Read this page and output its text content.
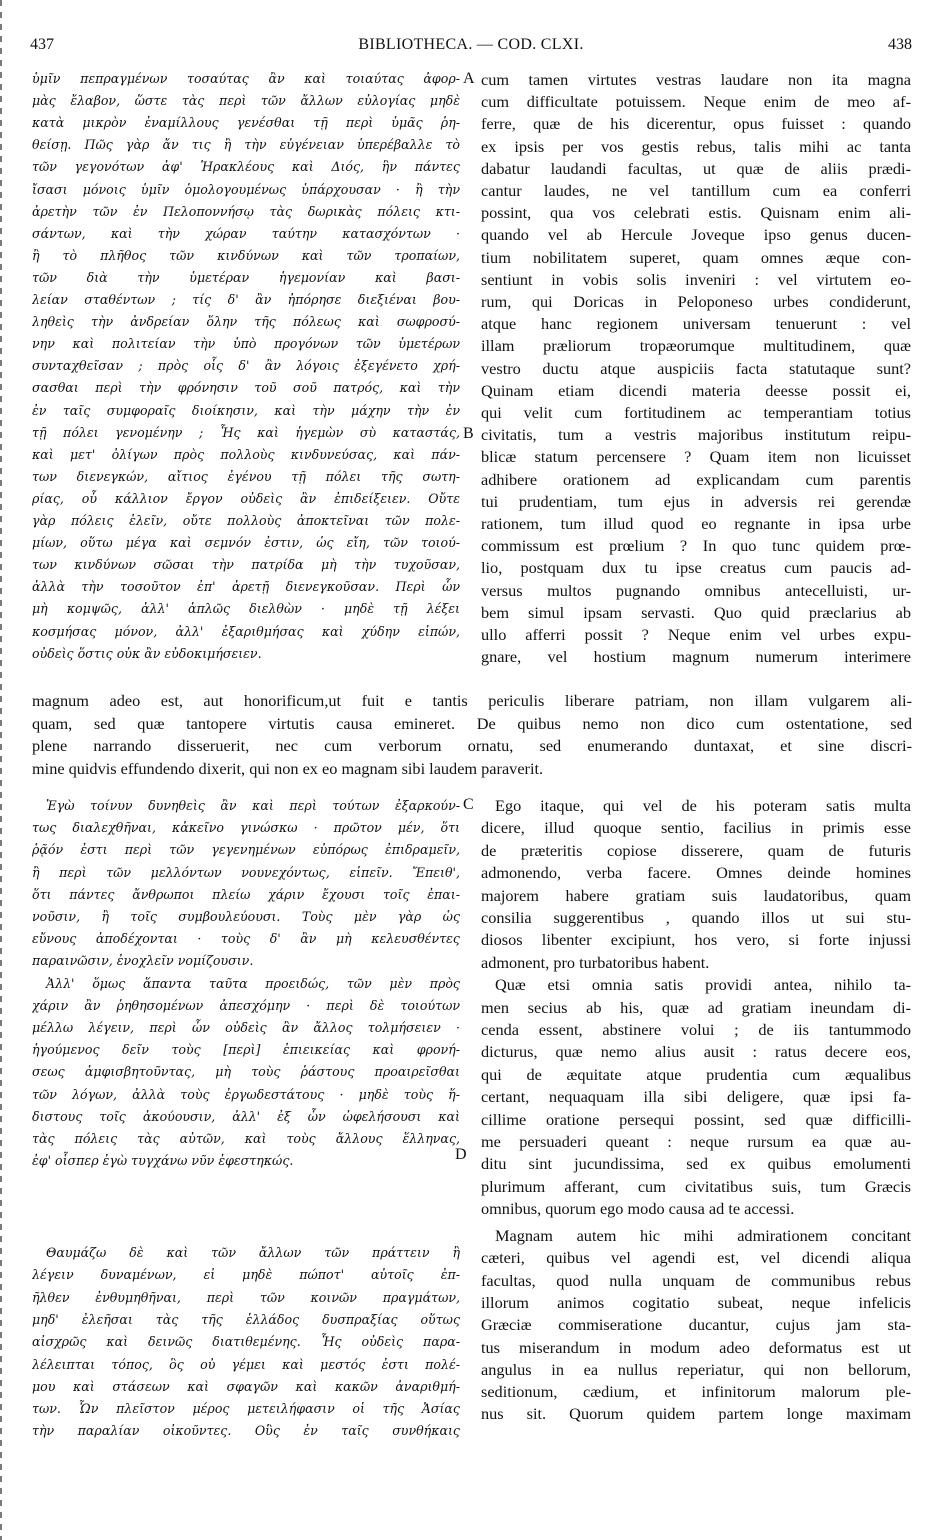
437	BIBLIOTHECA. — COD. CLXI.	438
A
B
C
D
ὑμῖν πεπραγμένων τοσαύτας ἂν καὶ τοιαύτας ἀφορ-
μὰς ἔλαβον, ὥστε τὰς περὶ τῶν ἄλλων εὐλογίας μηδὲ
κατὰ μικρὸν ἐναμίλλους γενέσθαι τῇ περὶ ὑμᾶς ῥη-
θείσῃ. Πῶς γὰρ ἄν τις ἢ τὴν εὐγένειαν ὑπερέβαλλε τὸ
τῶν γεγονότων ἀφ' Ἡρακλέους καὶ Διός, ἣν πάντες
ἴσασι μόνοις ὑμῖν ὁμολογουμένως ὑπάρχουσαν · ἢ τὴν
ἀρετὴν τῶν ἐν Πελοποννήσῳ τὰς δωρικὰς πόλεις κτι-
σάντων, καὶ τὴν χώραν ταύτην κατασχόντων ·
ἢ τὸ πλῆθος τῶν κινδύνων καὶ τῶν τροπαίων,
τῶν διὰ τὴν ὑμετέραν ἡγεμονίαν καὶ βασι-
λείαν σταθέντων ; τίς δ' ἂν ἠπόρησε διεξιέναι βου-
ληθεὶς τὴν ἀνδρείαν ὅλην τῆς πόλεως καὶ σωφροσύ-
νην καὶ πολιτείαν τὴν ὑπὸ προγόνων τῶν ὑμετέρων
συνταχθεῖσαν ; πρὸς οἷς δ' ἂν λόγοις ἐξεγένετο χρή-
σασθαι περὶ τὴν φρόνησιν τοῦ σοῦ πατρός, καὶ τὴν
ἐν ταῖς συμφοραῖς διοίκησιν, καὶ τὴν μάχην τὴν ἐν
τῇ πόλει γενομένην ; Ἧς καὶ ἡγεμὼν σὺ καταστάς,
καὶ μετ' ὀλίγων πρὸς πολλοὺς κινδυνεύσας, καὶ πάν-
των διενεγκών, αἴτιος ἐγένου τῇ πόλει τῆς σωτη-
ρίας, οὗ κάλλιον ἔργον οὐδεὶς ἂν ἐπιδείξειεν. Οὔτε
γὰρ πόλεις ἑλεῖν, οὔτε πολλοὺς ἀποκτεῖναι τῶν πολε-
μίων, οὕτω μέγα καὶ σεμνόν ἐστιν, ὡς εἴη, τῶν τοιού-
των κινδύνων σῶσαι τὴν πατρίδα μὴ τὴν τυχοῦσαν,
ἀλλὰ τὴν τοσοῦτον ἐπ' ἀρετῇ διενεγκοῦσαν. Περὶ ὧν
μὴ κομψῶς, ἀλλ' ἁπλῶς διελθὼν · μηδὲ τῇ λέξει
κοσμήσας μόνον, ἀλλ' ἐξαριθμήσας καὶ χύδην εἰπών,
οὐδεὶς ὅστις οὐκ ἂν εὐδοκιμήσειεν.
cum tamen virtutes vestras laudare non ita magna
cum difficultate potuissem. Neque enim de meo af-
ferre, quæ de his dicerentur, opus fuisset : quando
ex ipsis per vos gestis rebus, talis mihi ac tanta
dabatur laudandi facultas, ut quæ de aliis prædi-
cantur laudes, ne vel tantillum cum ea conferri
possint, qua vos celebrati estis. Quisnam enim ali-
quando vel ab Hercule Joveque ipso genus ducen-
tium nobilitatem superet, quam omnes æque con-
sentiunt in vobis solis inveniri : vel virtutem eo-
rum, qui Doricas in Peloponeso urbes condiderunt,
atque hanc regionem universam tenuerunt : vel
illam præliorum tropæorumque multitudinem, quæ
vestro ductu atque auspiciis facta statutaque sunt?
Quinam etiam dicendi materia deesse possit ei,
qui velit cum fortitudinem ac temperantiam totius
civitatis, tum a vestris majoribus institutum reipu-
blicæ statum percensere ? Quam item non licuisset
adhibere orationem ad explicandam cum parentis
tui prudentiam, tum ejus in adversis rei gerendæ
rationem, tum illud quod eo regnante in ipsa urbe
commissum est prœlium ? In quo tunc quidem prœ-
lio, postquam dux tu ipse creatus cum paucis ad-
versus multos pugnando omnibus antecelluisti, ur-
bem simul ipsam servasti. Quo quid præclarius ab
ullo afferri possit ? Neque enim vel urbes expu-
gnare, vel hostium magnum numerum interimere
magnum adeo est, aut honorificum,ut fuit e tantis periculis liberare patriam, non illam vulgarem ali-
quam, sed quæ tantopere virtutis causa emineret. De quibus nemo non dico cum ostentatione, sed
plene narrando disseruerit, nec cum verborum ornatu, sed enumerando duntaxat, et sine discri-
mine quidvis effundendo dixerit, qui non ex eo magnam sibi laudem paraverit.
Ἐγὼ τοίνυν δυνηθεὶς ἂν καὶ περὶ τούτων ἐξαρκούν-
τως διαλεχθῆναι, κἀκεῖνο γινώσκω · πρῶτον μέν, ὅτι
ῥᾷόν ἐστι περὶ τῶν γεγενημένων εὐπόρως ἐπιδραμεῖν,
ἢ περὶ τῶν μελλόντων νουνεχόντως, εἰπεῖν. Ἔπειθ',
ὅτι πάντες ἄνθρωποι πλείω χάριν ἔχουσι τοῖς ἐπαι-
νοῦσιν, ἢ τοῖς συμβουλεύουσι. Τοὺς μὲν γὰρ ὡς
εὔνους ἀποδέχονται · τοὺς δ' ἂν μὴ κελευσθέντες
παραινῶσιν, ἐνοχλεῖν νομίζουσιν.
Ἀλλ' ὅμως ἅπαντα ταῦτα προειδώς, τῶν μὲν πρὸς
χάριν ἂν ῥηθησομένων ἀπεσχόμην · περὶ δὲ τοιούτων
μέλλω λέγειν, περὶ ὧν οὐδεὶς ἂν ἄλλος τολμήσειεν ·
ἡγούμενος δεῖν τοὺς [περὶ] ἐπιεικείας καὶ φρονή-
σεως ἀμφισβητοῦντας, μὴ τοὺς ῥάστους προαιρεῖσθαι
τῶν λόγων, ἀλλὰ τοὺς ἐργωδεστάτους · μηδὲ τοὺς ἥ-
διστους τοῖς ἀκούουσιν, ἀλλ' ἐξ ὧν ὠφελήσουσι καὶ
τὰς πόλεις τὰς αὐτῶν, καὶ τοὺς ἄλλους ἕλληνας,
ἐφ' οἷσπερ ἐγὼ τυγχάνω νῦν ἐφεστηκώς.
Ego itaque, qui vel de his poteram satis multa
dicere, illud quoque sentio, facilius in primis esse
de præteritis copiose disserere, quam de futuris
admonendo, verba facere. Omnes deinde homines
majorem habere gratiam suis laudatoribus, quam
consilia suggerentibus , quando illos ut sui stu-
diosos libenter excipiunt, hos vero, si forte injussi
admonent, pro turbatoribus habent.
Quæ etsi omnia satis providi antea, nihilo ta-
men secius ab his, quæ ad gratiam ineundam di-
cenda essent, abstinere volui ; de iis tantummodo
dicturus, quæ nemo alius ausit : ratus decere eos,
qui de æquitate atque prudentia cum æqualibus
certant, nequaquam illa sibi deligere, quæ ipsi fa-
cillime oratione persequi possint, sed quæ difficilli-
me persuaderi queant : neque rursum ea quæ au-
ditu sint jucundissima, sed ex quibus emolumenti
plurimum afferant, cum civitatibus suis, tum Græcis
omnibus, quorum ego modo causa ad te accessi.
Θαυμάζω δὲ καὶ τῶν ἄλλων τῶν πράττειν ἢ
λέγειν δυναμένων, εἰ μηδὲ πώποτ' αὐτοῖς ἐπ-
ῆλθεν ἐνθυμηθῆναι, περὶ τῶν κοινῶν πραγμάτων,
μηδ' ἐλεῆσαι τὰς τῆς ἑλλάδος δυσπραξίας οὕτως
αἰσχρῶς καὶ δεινῶς διατιθεμένης. Ἧς οὐδεὶς παρα-
λέλειπται τόπος, ὃς οὐ γέμει καὶ μεστός ἐστι πολέ-
μου καὶ στάσεων καὶ σφαγῶν καὶ κακῶν ἀναριθμή-
των. Ὧν πλεῖστον μέρος μετειλήφασιν οἱ τῆς Ἀσίας
τὴν παραλίαν οἰκοῦντες. Οὓς ἐν ταῖς συνθήκαις
Magnam autem hic mihi admirationem concitant
cæteri, quibus vel agendi est, vel dicendi aliqua
facultas, quod nulla unquam de communibus rebus
illorum animos cogitatio subeat, neque infelicis
Græciæ commiseratione ducantur, cujus jam sta-
tus miserandum in modum adeo deformatus est ut
angulus in ea nullus reperiatur, qui non bellorum,
seditionum, cædium, et infinitorum malorum ple-
nus sit. Quorum quidem partem longe maximam
